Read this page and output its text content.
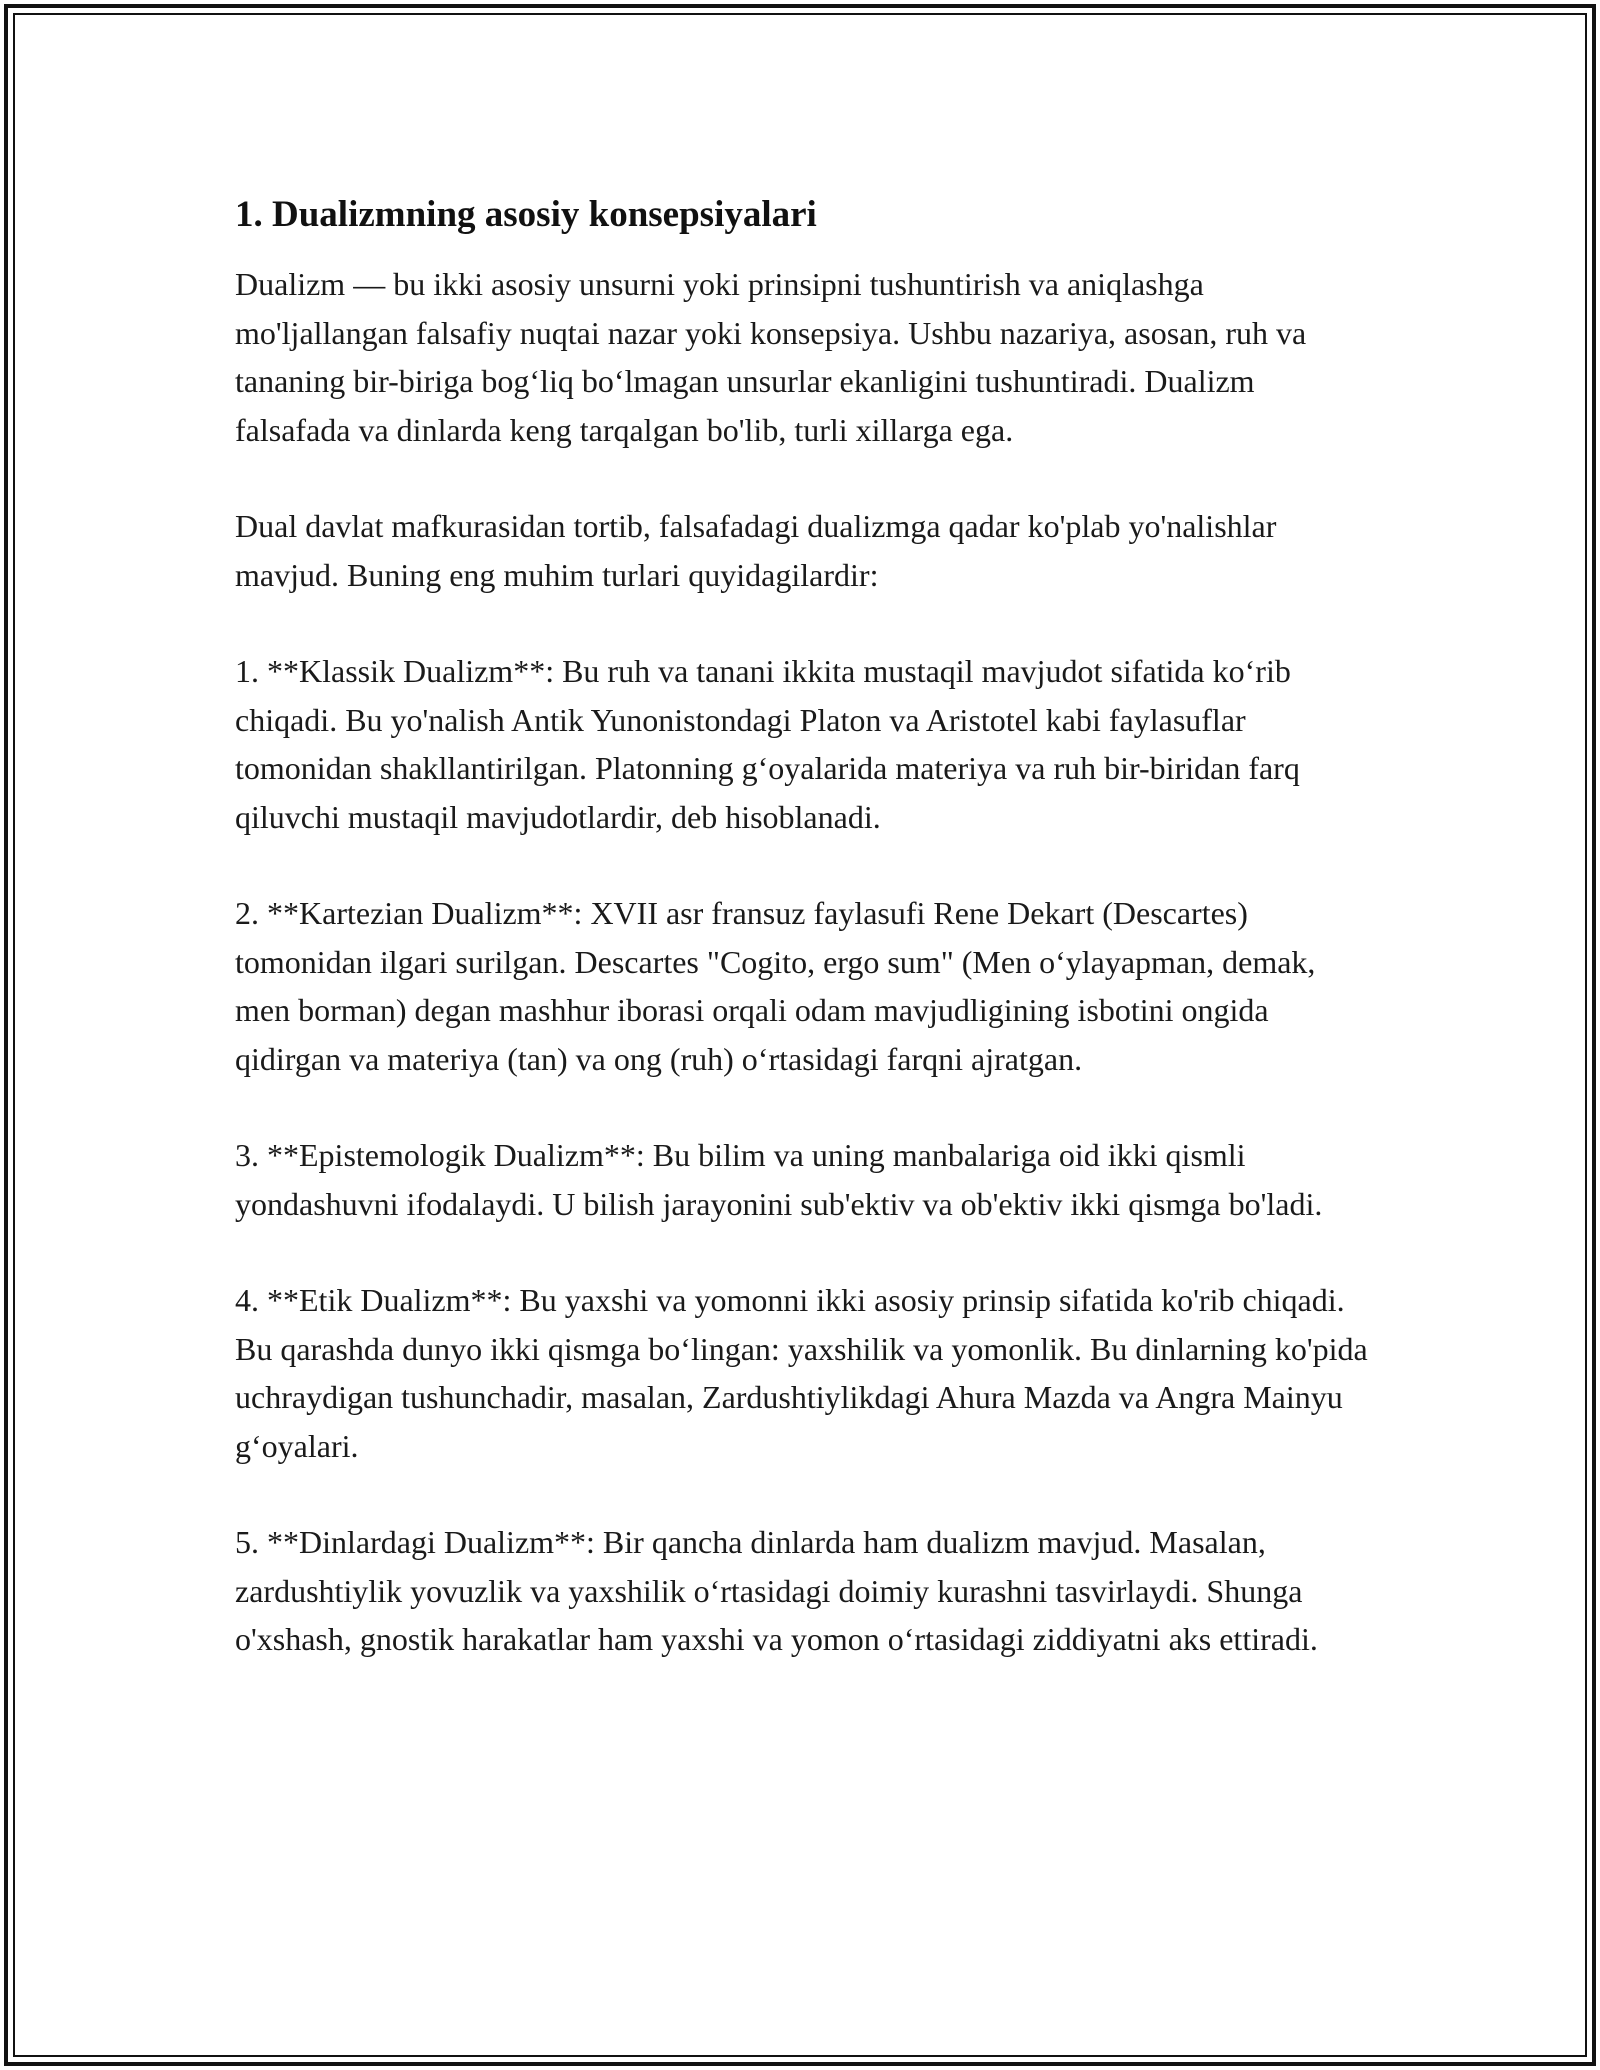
1. Dualizmning asosiy konsepsiyalari

Dualizm — bu ikki asosiy unsurni yoki prinsipni tushuntirish va aniqlashga mo'ljallangan falsafiy nuqtai nazar yoki konsepsiya. Ushbu nazariya, asosan, ruh va tananing bir-biriga bog‘liq bo‘lmagan unsurlar ekanligini tushuntiradi. Dualizm falsafada va dinlarda keng tarqalgan bo'lib, turli xillarga ega.

Dual davlat mafkurasidan tortib, falsafadagi dualizmga qadar ko'plab yo'nalishlar mavjud. Buning eng muhim turlari quyidagilardir:

1. **Klassik Dualizm**: Bu ruh va tanani ikkita mustaqil mavjudot sifatida ko‘rib chiqadi. Bu yo'nalish Antik Yunonistondagi Platon va Aristotel kabi faylasuflar tomonidan shakllantirilgan. Platonning g‘oyalarida materiya va ruh bir-biridan farq qiluvchi mustaqil mavjudotlardir, deb hisoblanadi.

2. **Kartezian Dualizm**: XVII asr fransuz faylasufi Rene Dekart (Descartes) tomonidan ilgari surilgan. Descartes "Cogito, ergo sum" (Men o‘ylayapman, demak, men borman) degan mashhur iborasi orqali odam mavjudligining isbotini ongida qidirgan va materiya (tan) va ong (ruh) o‘rtasidagi farqni ajratgan.

3. **Epistemologik Dualizm**: Bu bilim va uning manbalariga oid ikki qismli yondashuvni ifodalaydi. U bilish jarayonini sub'ektiv va ob'ektiv ikki qismga bo'ladi.

4. **Etik Dualizm**: Bu yaxshi va yomonni ikki asosiy prinsip sifatida ko'rib chiqadi. Bu qarashda dunyo ikki qismga bo‘lingan: yaxshilik va yomonlik. Bu dinlarning ko'pida uchraydigan tushunchadir, masalan, Zardushtiylikdagi Ahura Mazda va Angra Mainyu g‘oyalari.

5. **Dinlardagi Dualizm**: Bir qancha dinlarda ham dualizm mavjud. Masalan, zardushtiylik yovuzlik va yaxshilik o‘rtasidagi doimiy kurashni tasvirlaydi. Shunga o'xshash, gnostik harakatlar ham yaxshi va yomon o‘rtasidagi ziddiyatni aks ettiradi.
